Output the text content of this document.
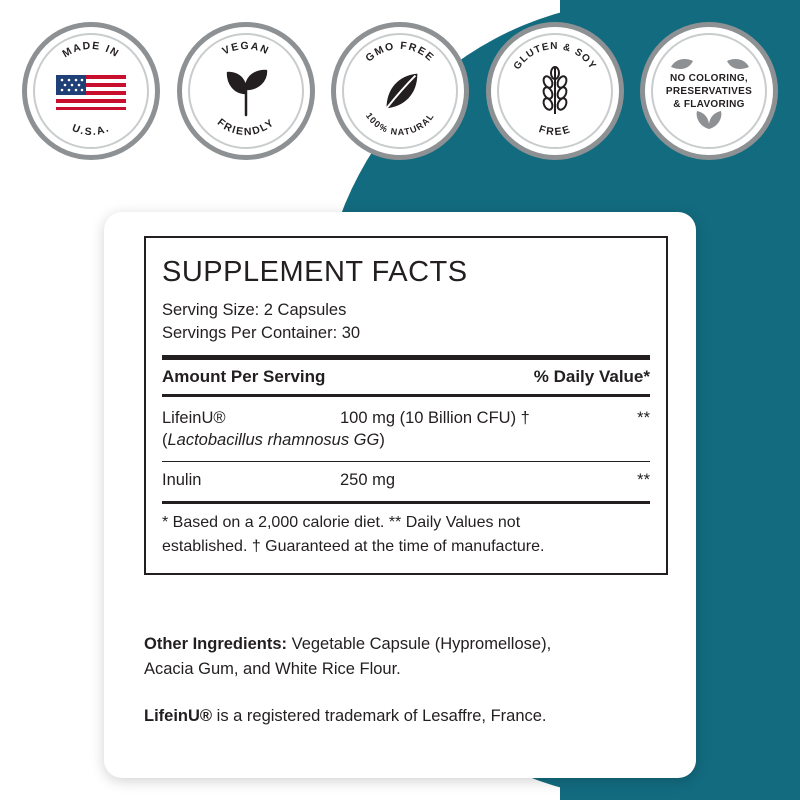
MADE IN
U.S.A.
VEGAN
FRIENDLY
GMO FREE
100% NATURAL
GLUTEN & SOY
FREE
NO COLORING,
PRESERVATIVES
& FLAVORING
SUPPLEMENT FACTS
Serving Size: 2 Capsules
Servings Per Container: 30
Amount Per Serving	% Daily Value*
LifeinU®	100 mg (10 Billion CFU) †	**
(Lactobacillus rhamnosus GG)
Inulin	250 mg	**
* Based on a 2,000 calorie diet. ** Daily Values not
established. † Guaranteed at the time of manufacture.
Other Ingredients: Vegetable Capsule (Hypromellose),
Acacia Gum, and White Rice Flour.
LifeinU® is a registered trademark of Lesaffre, France.
